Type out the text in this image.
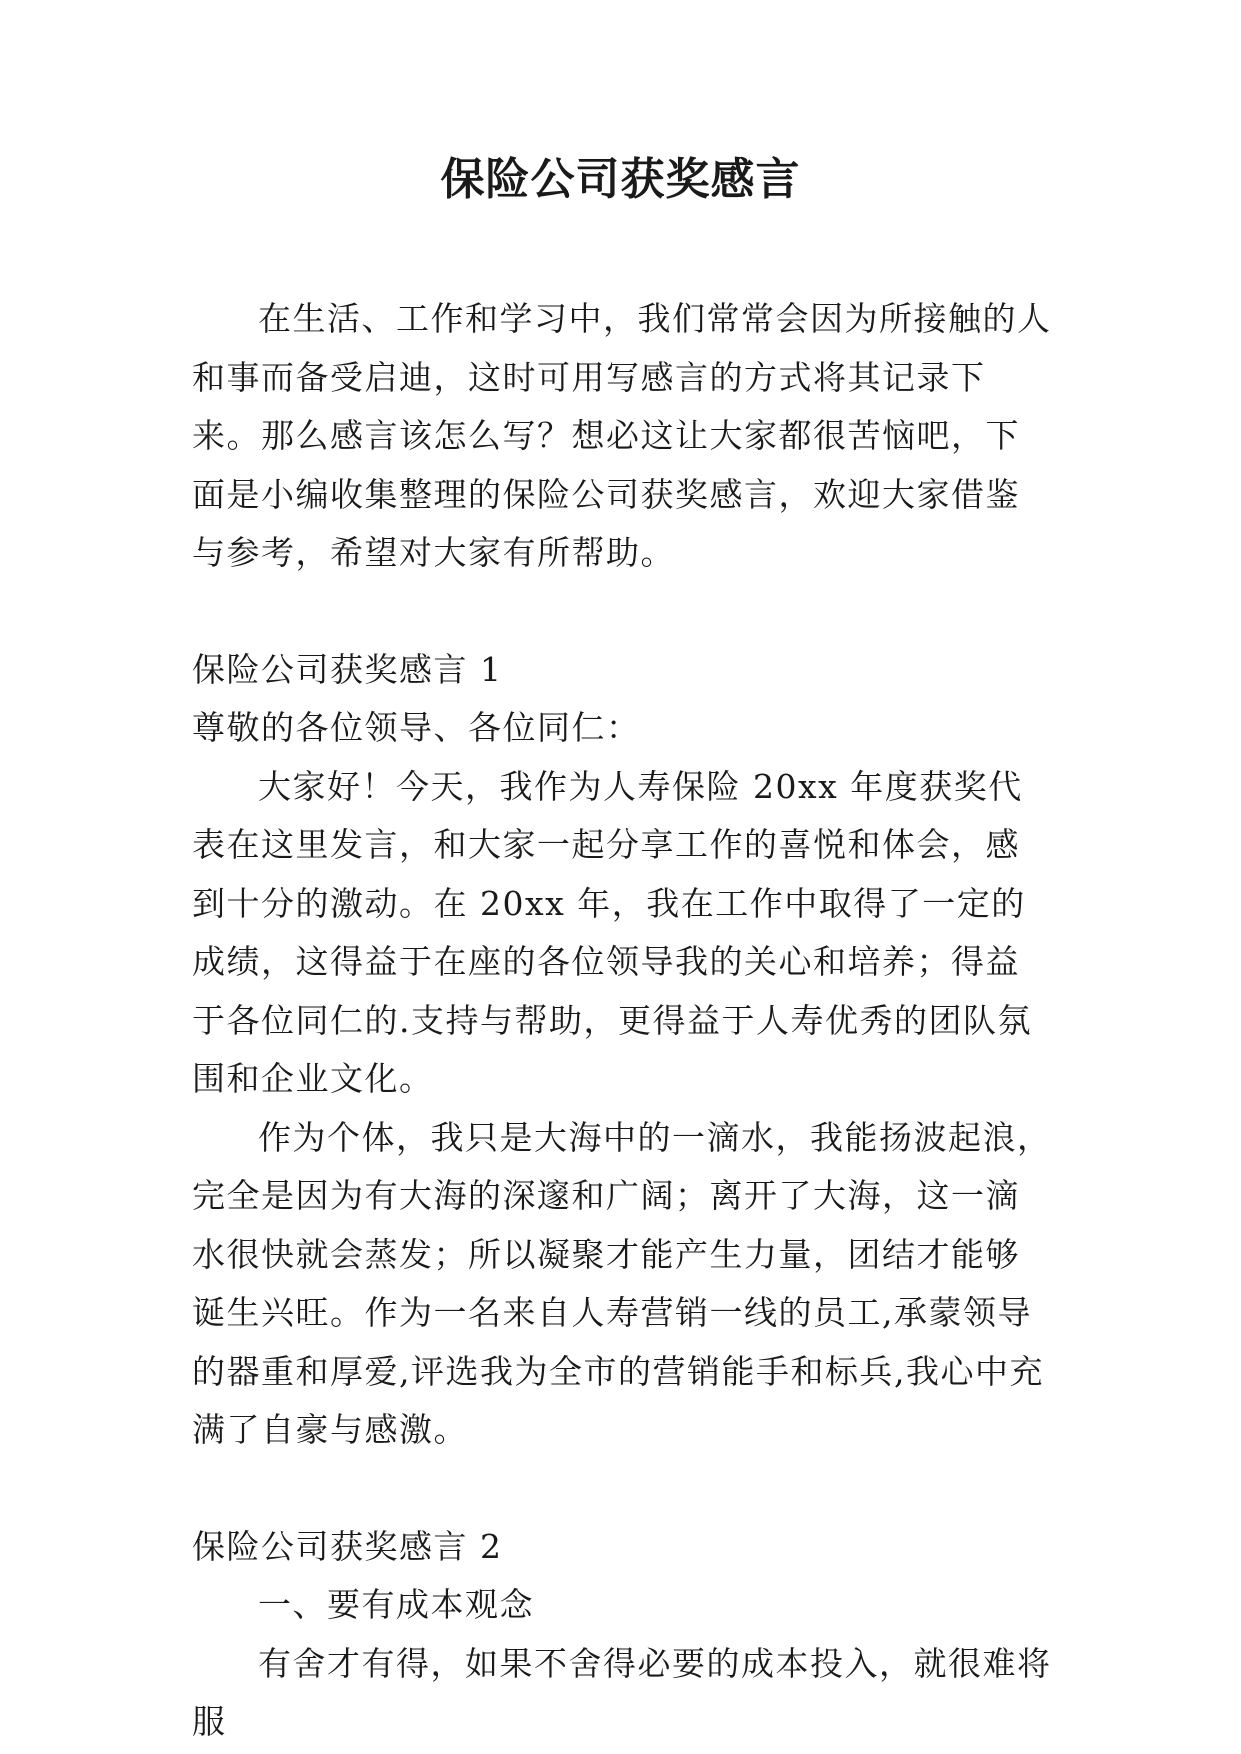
保险公司获奖感言

在生活、工作和学习中，我们常常会因为所接触的人和事而备受启迪，这时可用写感言的方式将其记录下来。那么感言该怎么写？想必这让大家都很苦恼吧，下面是小编收集整理的保险公司获奖感言，欢迎大家借鉴与参考，希望对大家有所帮助。

保险公司获奖感言 1

尊敬的各位领导、各位同仁：

大家好！今天，我作为人寿保险 20xx 年度获奖代表在这里发言，和大家一起分享工作的喜悦和体会，感到十分的激动。在 20xx 年，我在工作中取得了一定的成绩，这得益于在座的各位领导我的关心和培养；得益于各位同仁的.支持与帮助，更得益于人寿优秀的团队氛围和企业文化。

作为个体，我只是大海中的一滴水，我能扬波起浪，完全是因为有大海的深邃和广阔；离开了大海，这一滴水很快就会蒸发；所以凝聚才能产生力量，团结才能够诞生兴旺。作为一名来自人寿营销一线的员工,承蒙领导的器重和厚爱,评选我为全市的营销能手和标兵,我心中充满了自豪与感激。

保险公司获奖感言 2

一、要有成本观念

有舍才有得，如果不舍得必要的成本投入，就很难将服
